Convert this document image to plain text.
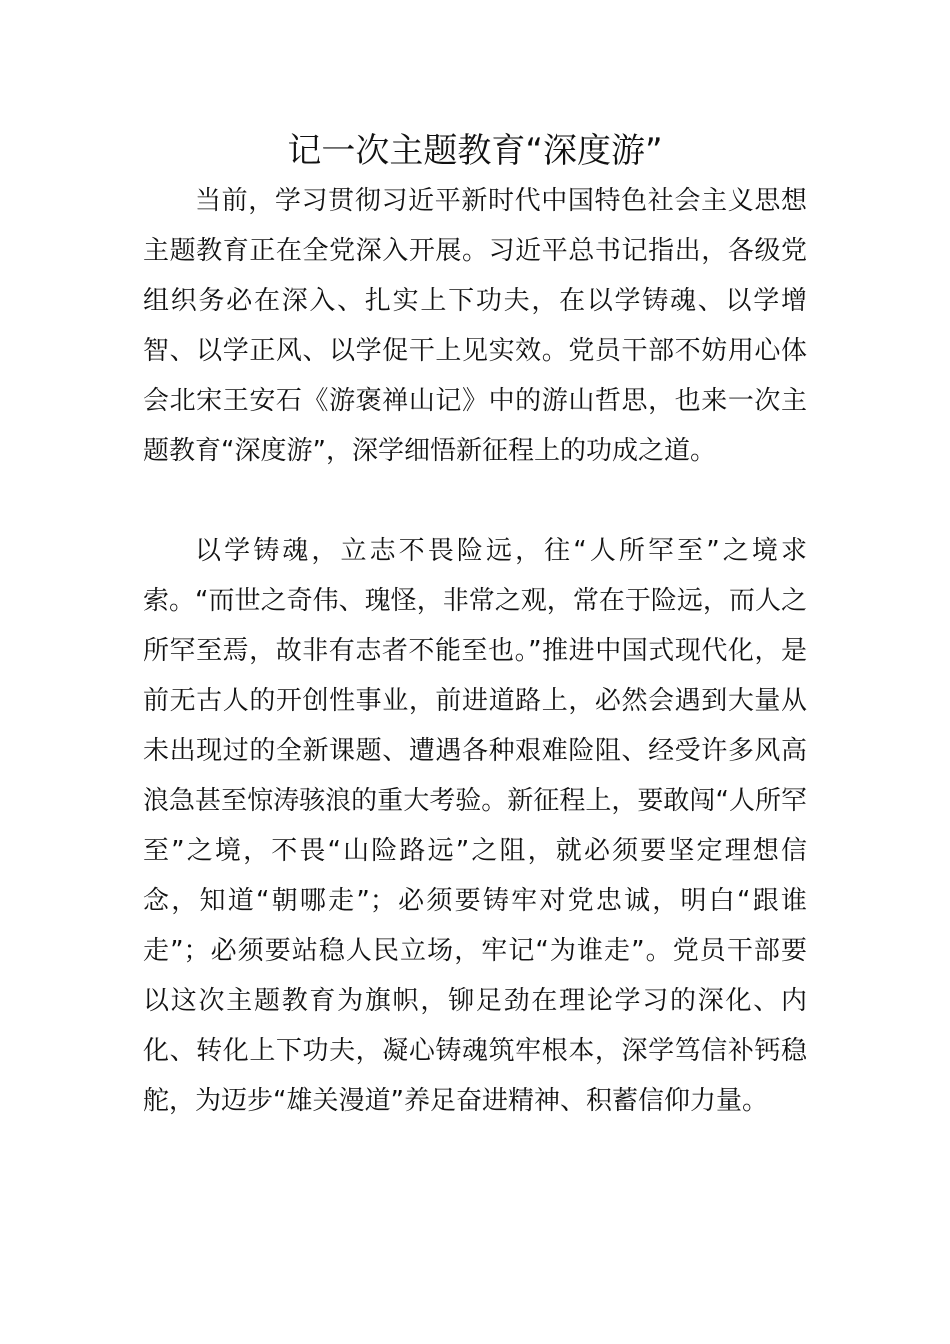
记一次主题教育“深度游”

当前，学习贯彻习近平新时代中国特色社会主义思想主题教育正在全党深入开展。习近平总书记指出，各级党组织务必在深入、扎实上下功夫，在以学铸魂、以学增智、以学正风、以学促干上见实效。党员干部不妨用心体会北宋王安石《游褒禅山记》中的游山哲思，也来一次主题教育“深度游”，深学细悟新征程上的功成之道。

以学铸魂，立志不畏险远，往“人所罕至”之境求索。“而世之奇伟、瑰怪，非常之观，常在于险远，而人之所罕至焉，故非有志者不能至也。”推进中国式现代化，是前无古人的开创性事业，前进道路上，必然会遇到大量从未出现过的全新课题、遭遇各种艰难险阻、经受许多风高浪急甚至惊涛骇浪的重大考验。新征程上，要敢闯“人所罕至”之境，不畏“山险路远”之阻，就必须要坚定理想信念，知道“朝哪走”；必须要铸牢对党忠诚，明白“跟谁走”；必须要站稳人民立场，牢记“为谁走”。党员干部要以这次主题教育为旗帜，铆足劲在理论学习的深化、内化、转化上下功夫，凝心铸魂筑牢根本，深学笃信补钙稳舵，为迈步“雄关漫道”养足奋进精神、积蓄信仰力量。
